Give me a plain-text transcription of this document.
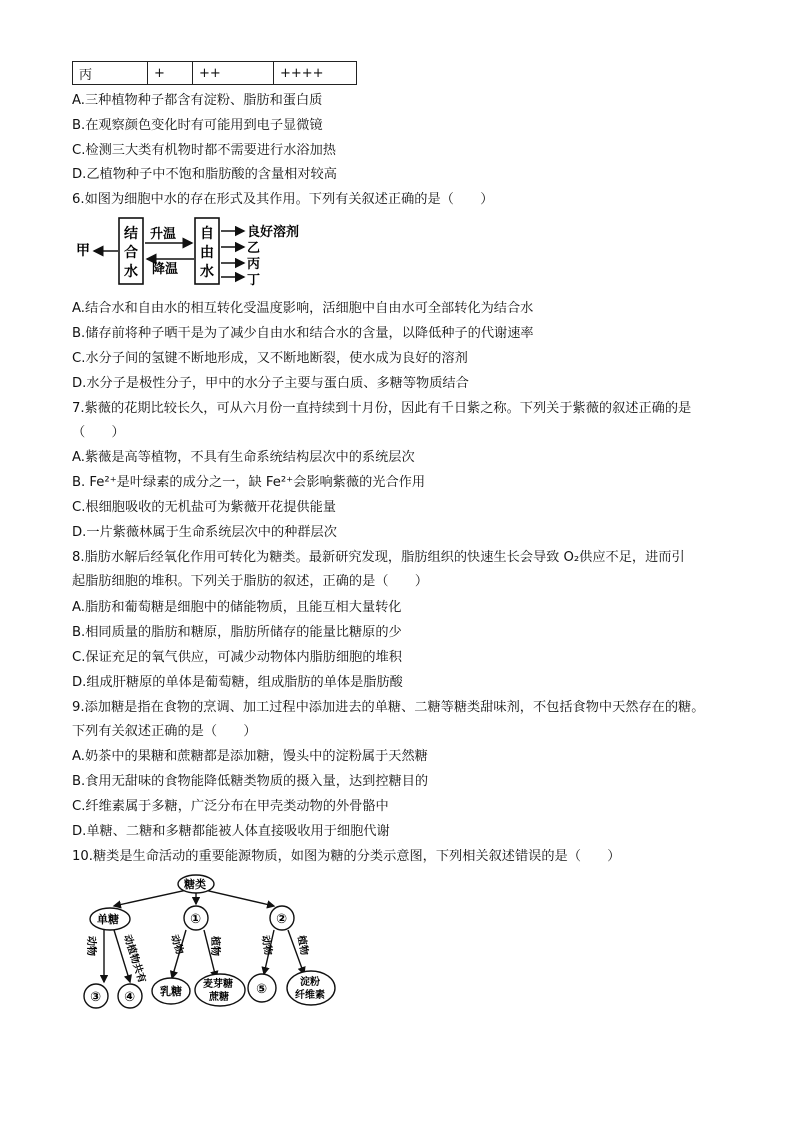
丙	+	++	++++
A.三种植物种子都含有淀粉、脂肪和蛋白质
B.在观察颜色变化时有可能用到电子显微镜
C.检测三大类有机物时都不需要进行水浴加热
D.乙植物种子中不饱和脂肪酸的含量相对较高
6.如图为细胞中水的存在形式及其作用。下列有关叙述正确的是（　　）
甲
结
合
水
升温
降温
自
由
水
良好溶剂
乙
丙
丁
A.结合水和自由水的相互转化受温度影响，活细胞中自由水可全部转化为结合水
B.储存前将种子晒干是为了减少自由水和结合水的含量，以降低种子的代谢速率
C.水分子间的氢键不断地形成，又不断地断裂，使水成为良好的溶剂
D.水分子是极性分子，甲中的水分子主要与蛋白质、多糖等物质结合
7.紫薇的花期比较长久，可从六月份一直持续到十月份，因此有千日紫之称。下列关于紫薇的叙述正确的是
（　　）
A.紫薇是高等植物，不具有生命系统结构层次中的系统层次
B. Fe²⁺是叶绿素的成分之一，缺 Fe²⁺会影响紫薇的光合作用
C.根细胞吸收的无机盐可为紫薇开花提供能量
D.一片紫薇林属于生命系统层次中的种群层次
8.脂肪水解后经氧化作用可转化为糖类。最新研究发现，脂肪组织的快速生长会导致 O₂供应不足，进而引
起脂肪细胞的堆积。下列关于脂肪的叙述，正确的是（　　）
A.脂肪和葡萄糖是细胞中的储能物质，且能互相大量转化
B.相同质量的脂肪和糖原，脂肪所储存的能量比糖原的少
C.保证充足的氧气供应，可减少动物体内脂肪细胞的堆积
D.组成肝糖原的单体是葡萄糖，组成脂肪的单体是脂肪酸
9.添加糖是指在食物的烹调、加工过程中添加进去的单糖、二糖等糖类甜味剂，不包括食物中天然存在的糖。
下列有关叙述正确的是（　　）
A.奶茶中的果糖和蔗糖都是添加糖，馒头中的淀粉属于天然糖
B.食用无甜味的食物能降低糖类物质的摄入量，达到控糖目的
C.纤维素属于多糖，广泛分布在甲壳类动物的外骨骼中
D.单糖、二糖和多糖都能被人体直接吸收用于细胞代谢
10.糖类是生命活动的重要能源物质，如图为糖的分类示意图，下列相关叙述错误的是（　　）
糖类
单糖	①	②
动物	动植物共有 动物 植物	动物 植物
③ ④ 乳糖
麦芽糖
蔗糖
⑤	淀粉
纤维素
